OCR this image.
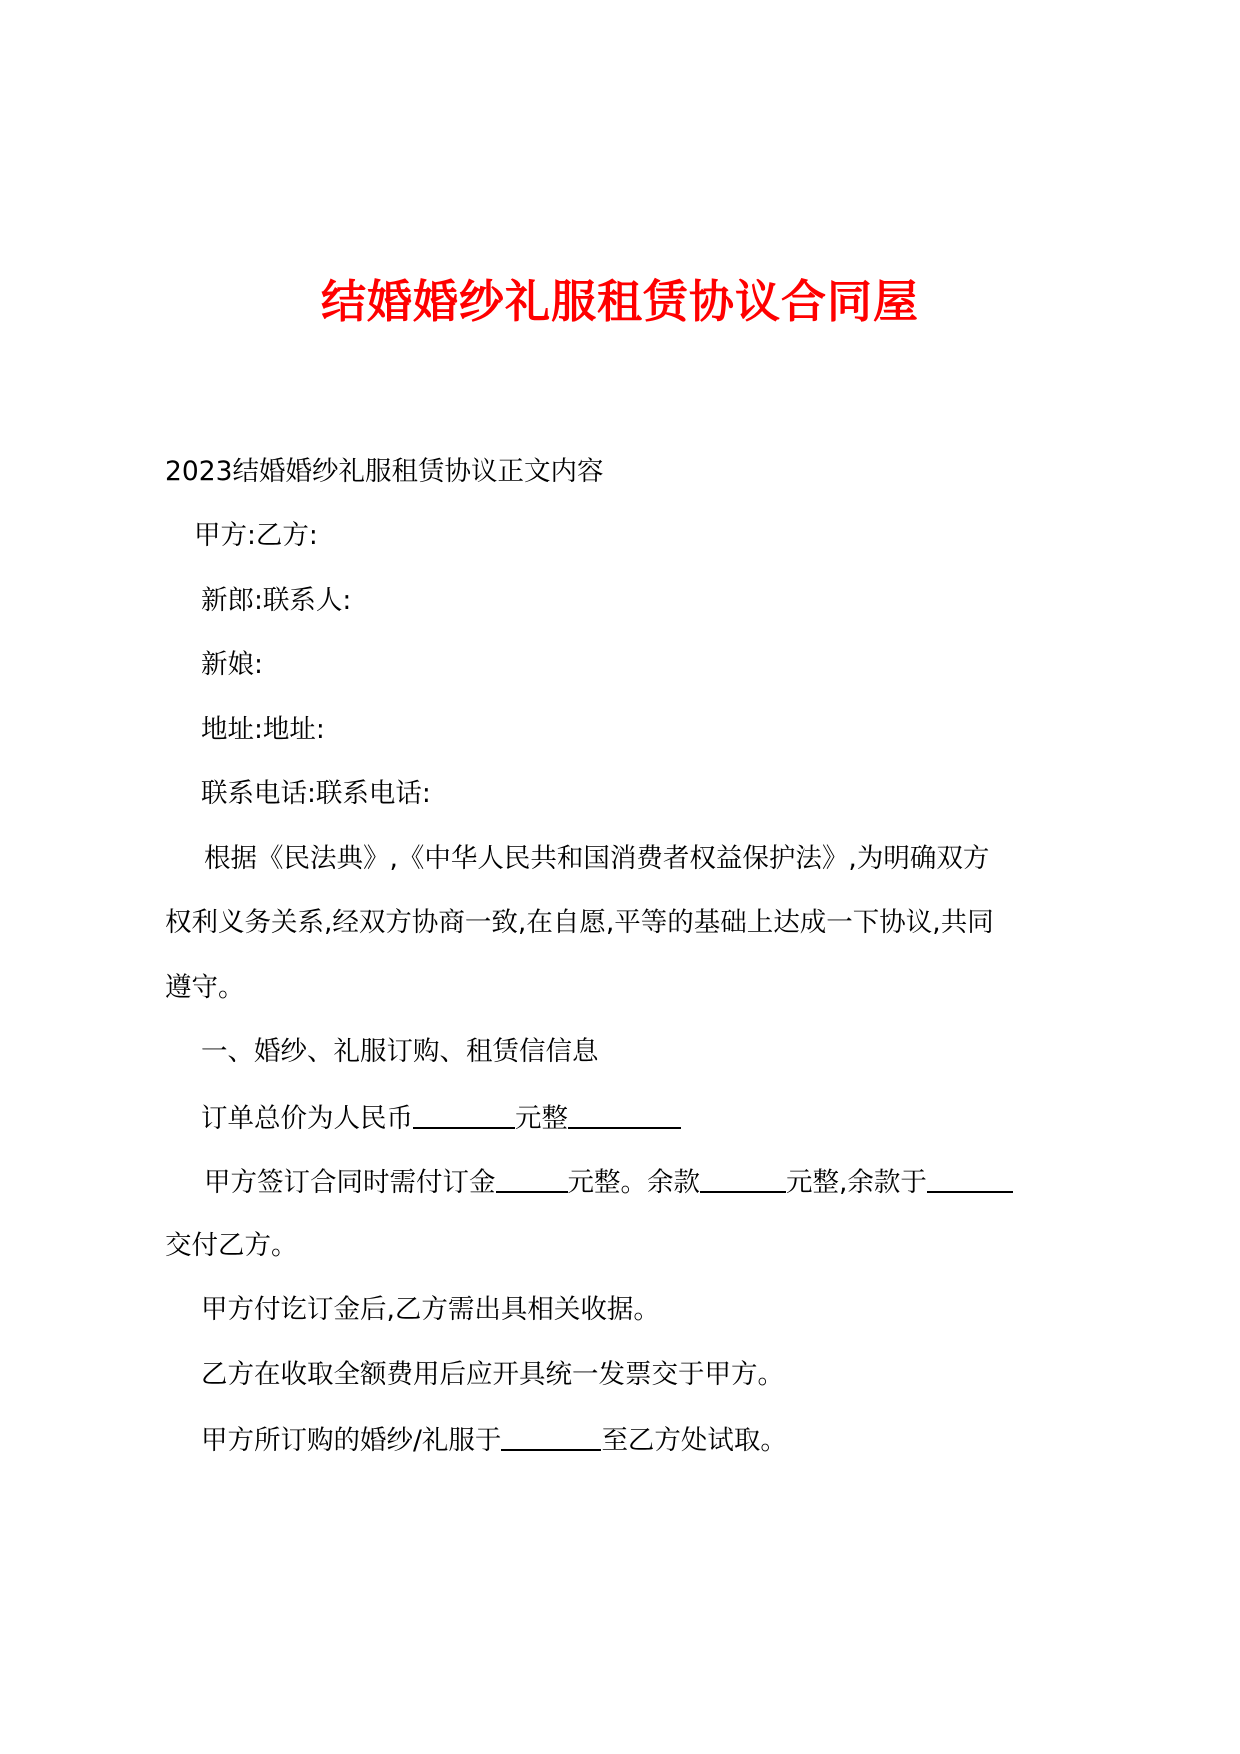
结婚婚纱礼服租赁协议合同屋
2023结婚婚纱礼服租赁协议正文内容
甲方:乙方:
新郎:联系人:
新娘:
地址:地址:
联系电话:联系电话:
根据《民法典》,《中华人民共和国消费者权益保护法》,为明确双方
权利义务关系,经双方协商一致,在自愿,平等的基础上达成一下协议,共同
遵守。
一、婚纱、礼服订购、租赁信信息
订单总价为人民币	元整
甲方签订合同时需付订金	元整。余款	元整,余款于
交付乙方。
甲方付讫订金后,乙方需出具相关收据。
乙方在收取全额费用后应开具统一发票交于甲方。
甲方所订购的婚纱/礼服于	至乙方处试取。
